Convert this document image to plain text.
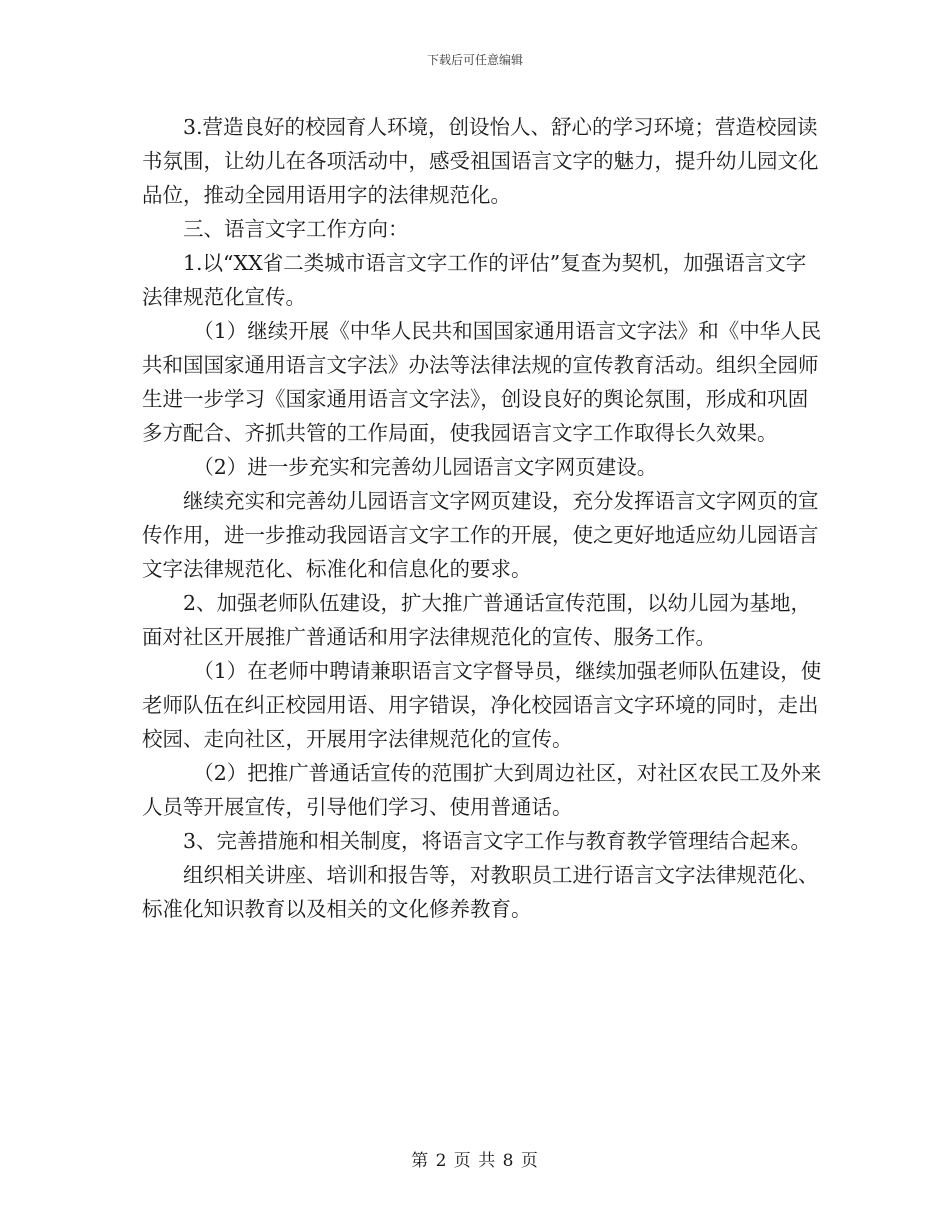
下载后可任意编辑

3.营造良好的校园育人环境，创设怡人、舒心的学习环境；营造校园读书氛围，让幼儿在各项活动中，感受祖国语言文字的魅力，提升幼儿园文化品位，推动全园用语用字的法律规范化。

三、语言文字工作方向：

1.以“XX省二类城市语言文字工作的评估”复查为契机，加强语言文字法律规范化宣传。

（1）继续开展《中华人民共和国国家通用语言文字法》和《中华人民共和国国家通用语言文字法》办法等法律法规的宣传教育活动。组织全园师生进一步学习《国家通用语言文字法》，创设良好的舆论氛围，形成和巩固多方配合、齐抓共管的工作局面，使我园语言文字工作取得长久效果。

（2）进一步充实和完善幼儿园语言文字网页建设。

继续充实和完善幼儿园语言文字网页建设，充分发挥语言文字网页的宣传作用，进一步推动我园语言文字工作的开展，使之更好地适应幼儿园语言文字法律规范化、标准化和信息化的要求。

2、加强老师队伍建设，扩大推广普通话宣传范围，以幼儿园为基地，面对社区开展推广普通话和用字法律规范化的宣传、服务工作。

（1）在老师中聘请兼职语言文字督导员，继续加强老师队伍建设，使老师队伍在纠正校园用语、用字错误，净化校园语言文字环境的同时，走出校园、走向社区，开展用字法律规范化的宣传。

（2）把推广普通话宣传的范围扩大到周边社区，对社区农民工及外来人员等开展宣传，引导他们学习、使用普通话。

3、完善措施和相关制度，将语言文字工作与教育教学管理结合起来。

组织相关讲座、培训和报告等，对教职员工进行语言文字法律规范化、标准化知识教育以及相关的文化修养教育。

第 2 页 共 8 页
